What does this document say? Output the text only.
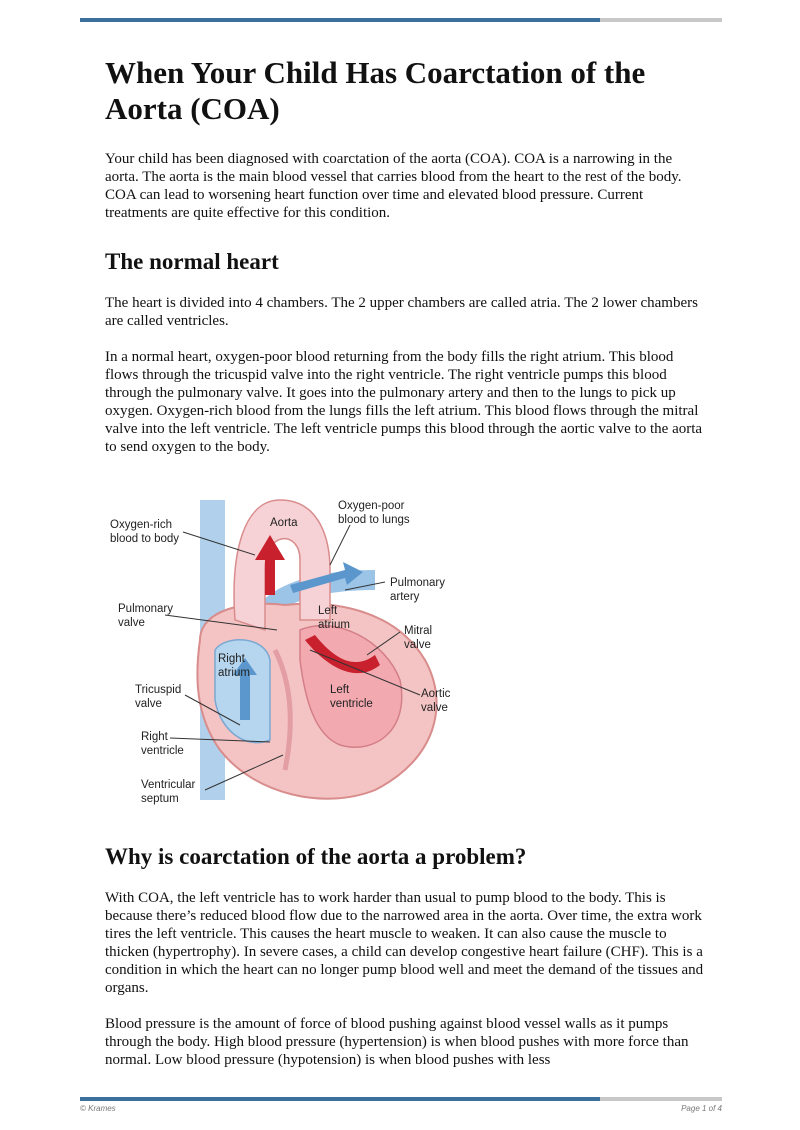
When Your Child Has Coarctation of the Aorta (COA)

Your child has been diagnosed with coarctation of the aorta (COA). COA is a narrowing in the aorta. The aorta is the main blood vessel that carries blood from the heart to the rest of the body. COA can lead to worsening heart function over time and elevated blood pressure. Current treatments are quite effective for this condition.

The normal heart

The heart is divided into 4 chambers. The 2 upper chambers are called atria. The 2 lower chambers are called ventricles.

In a normal heart, oxygen-poor blood returning from the body fills the right atrium. This blood flows through the tricuspid valve into the right ventricle. The right ventricle pumps this blood through the pulmonary valve. It goes into the pulmonary artery and then to the lungs to pick up oxygen. Oxygen-rich blood from the lungs fills the left atrium. This blood flows through the mitral valve into the left ventricle. The left ventricle pumps this blood through the aortic valve to the aorta to send oxygen to the body.

Oxygen-rich
blood to body
Aorta
Oxygen-poor
blood to lungs
Pulmonary
artery
Pulmonary
valve
Left
atrium	Mitral
valve
Right
atrium
Left
ventricle
Aortic
valve
Tricuspid
valve
Right
ventricle
Ventricular
septum
Why is coarctation of the aorta a problem?

With COA, the left ventricle has to work harder than usual to pump blood to the body. This is because there’s reduced blood flow due to the narrowed area in the aorta. Over time, the extra work tires the left ventricle. This causes the heart muscle to weaken. It can also cause the muscle to thicken (hypertrophy). In severe cases, a child can develop congestive heart failure (CHF). This is a condition in which the heart can no longer pump blood well and meet the demand of the tissues and organs.

Blood pressure is the amount of force of blood pushing against blood vessel walls as it pumps through the body. High blood pressure (hypertension) is when blood pushes with more force than normal. Low blood pressure (hypotension) is when blood pushes with less

© Krames	Page 1 of 4
